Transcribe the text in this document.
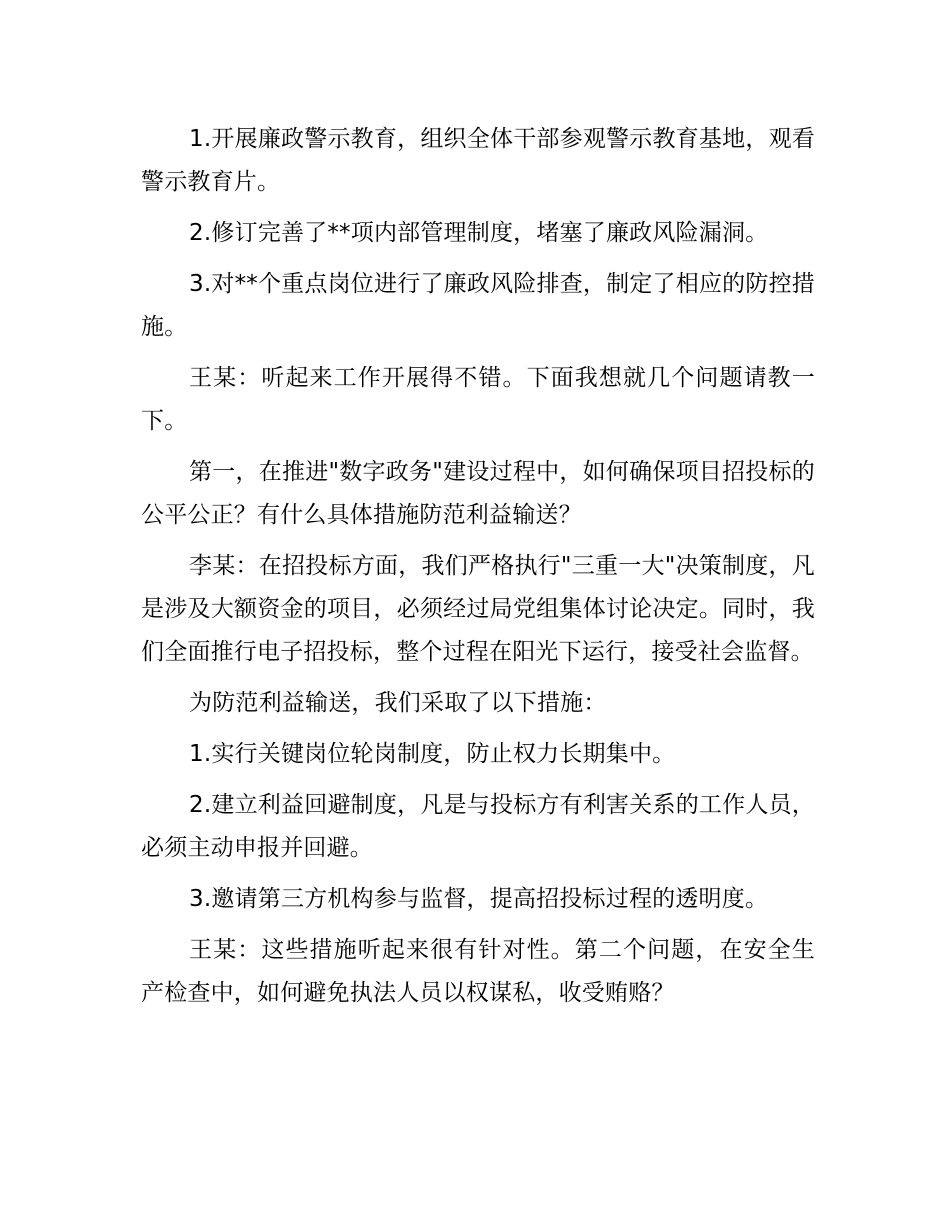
1.开展廉政警示教育，组织全体干部参观警示教育基地，观看警示教育片。

2.修订完善了**项内部管理制度，堵塞了廉政风险漏洞。

3.对**个重点岗位进行了廉政风险排查，制定了相应的防控措施。

王某：听起来工作开展得不错。下面我想就几个问题请教一下。

第一，在推进"数字政务"建设过程中，如何确保项目招投标的公平公正？有什么具体措施防范利益输送？

李某：在招投标方面，我们严格执行"三重一大"决策制度，凡是涉及大额资金的项目，必须经过局党组集体讨论决定。同时，我们全面推行电子招投标，整个过程在阳光下运行，接受社会监督。

为防范利益输送，我们采取了以下措施：

1.实行关键岗位轮岗制度，防止权力长期集中。

2.建立利益回避制度，凡是与投标方有利害关系的工作人员，必须主动申报并回避。

3.邀请第三方机构参与监督，提高招投标过程的透明度。

王某：这些措施听起来很有针对性。第二个问题，在安全生产检查中，如何避免执法人员以权谋私，收受贿赂？
